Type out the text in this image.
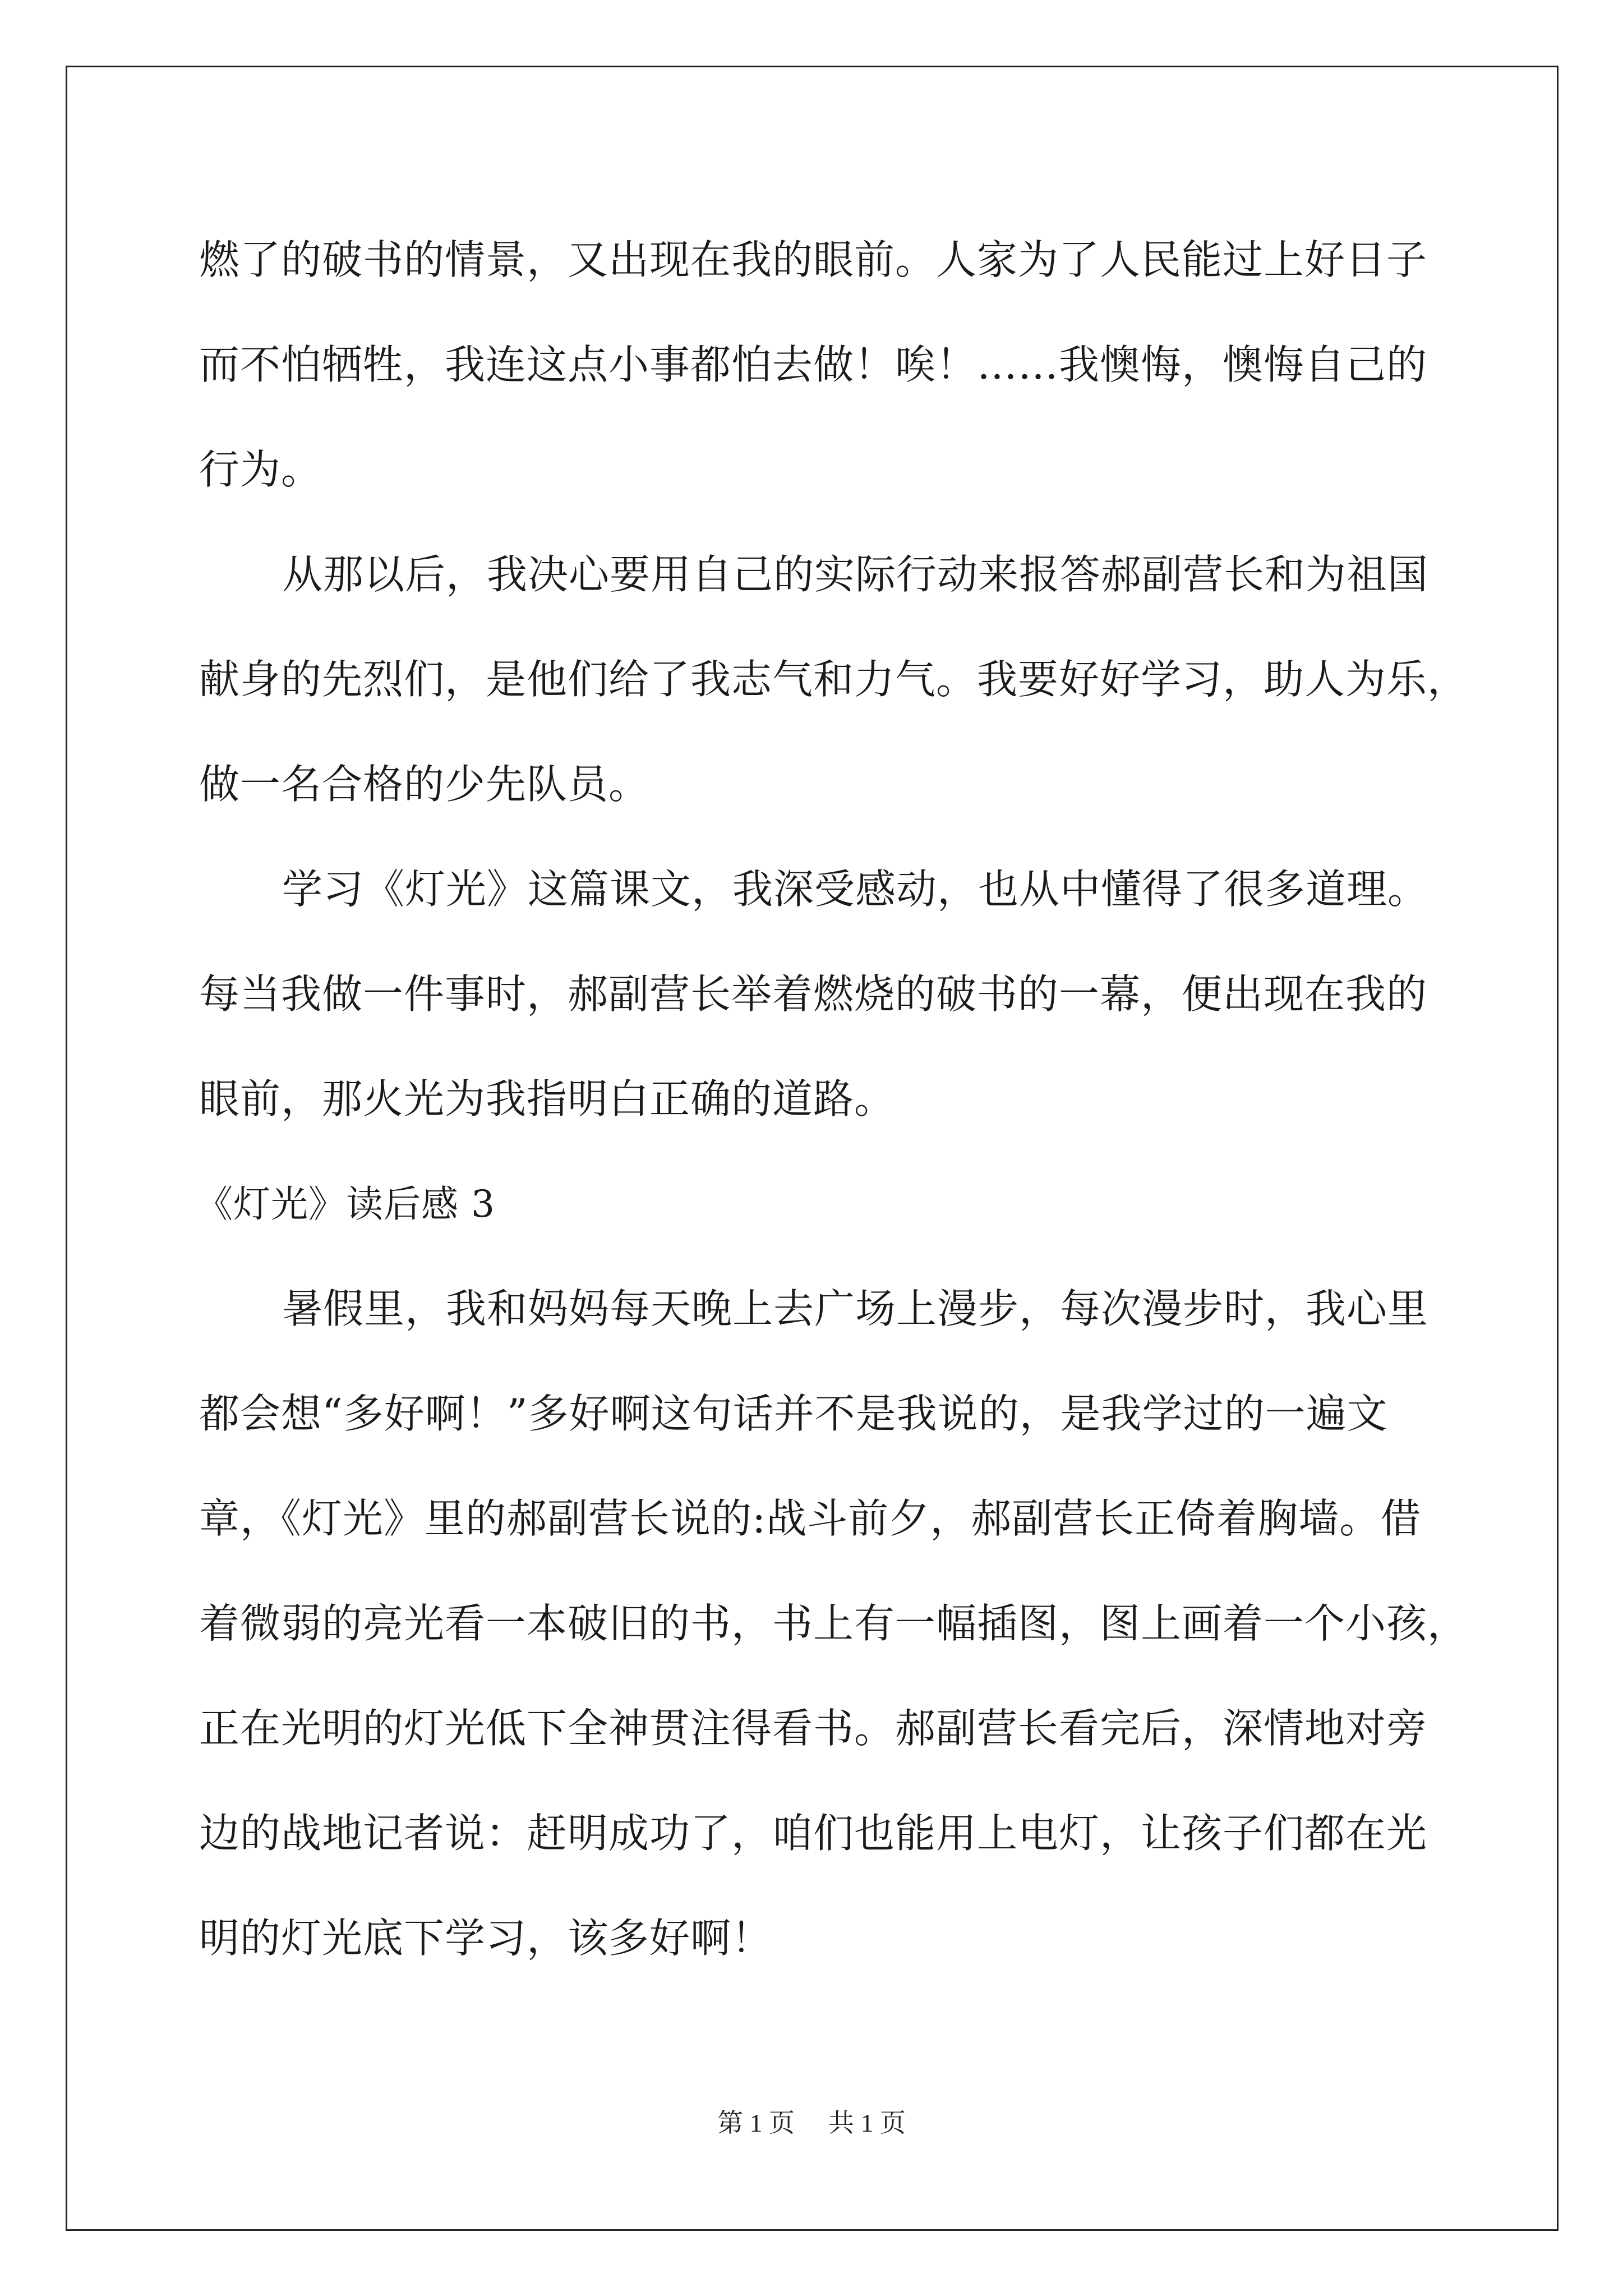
燃了的破书的情景，又出现在我的眼前。人家为了人民能过上好日子
而不怕牺牲，我连这点小事都怕去做！唉！……我懊悔，懊悔自己的
行为。
从那以后，我决心要用自己的实际行动来报答郝副营长和为祖国
献身的先烈们，是他们给了我志气和力气。我要好好学习，助人为乐，
做一名合格的少先队员。
学习《灯光》这篇课文，我深受感动，也从中懂得了很多道理。
每当我做一件事时，郝副营长举着燃烧的破书的一幕，便出现在我的
眼前，那火光为我指明白正确的道路。
《灯光》读后感 3
暑假里，我和妈妈每天晚上去广场上漫步，每次漫步时，我心里
都会想“多好啊！”多好啊这句话并不是我说的，是我学过的一遍文
章，《灯光》里的郝副营长说的:战斗前夕，郝副营长正倚着胸墙。借
着微弱的亮光看一本破旧的书，书上有一幅插图，图上画着一个小孩，
正在光明的灯光低下全神贯注得看书。郝副营长看完后，深情地对旁
边的战地记者说：赶明成功了，咱们也能用上电灯，让孩子们都在光
明的灯光底下学习，该多好啊！
第 1 页 共 1 页
